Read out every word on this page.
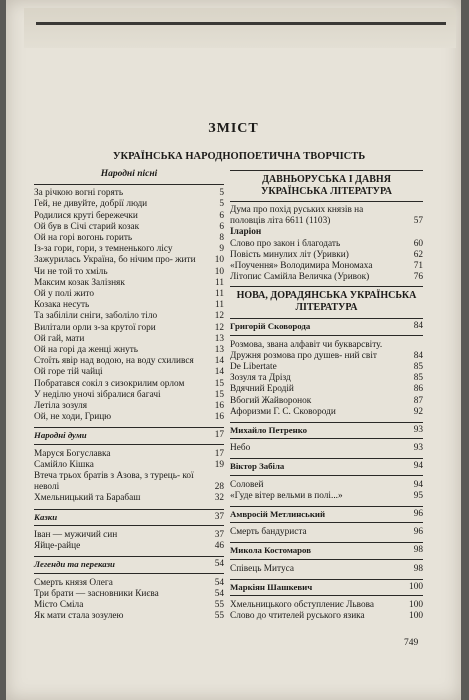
ЗМІСТ
УКРАЇНСЬКА НАРОДНОПОЕТИЧНА ТВОРЧІСТЬ
Народні пісні
За річкою вогні горять	5
Гей, не дивуйте, добрії люди	5
Родилися круті бережечки	6
Ой був в Січі старий козак	6
Ой на горі вогонь горить	8
Із-за гори, гори, з темненького лісу	9
Зажурилась Україна, бо нічим про- жити	10
Чи не той то хміль	10
Максим козак Залізняк	11
Ой у полі жито	11
Козака несуть	11
Та забіліли сніги, заболіло тіло	12
Вилітали орли з-за крутої гори	12
Ой гай, мати	13
Ой на горі да женці жнуть	13
Стоїть явір над водою, на воду схилився	14
Ой горе тій чайці	14
Побратався сокіл з сизокрилим орлом	15
У неділю уночі зібралися багачі	15
Летіла зозуля	16
Ой, не ходи, Грицю	16
Народні думи	17
Маруся Богуславка	17
Самійло Кішка	19
Втеча трьох братів з Азова, з турець- кої неволі	28
Хмельницький та Барабаш	32
Казки	37
Іван — мужичий син	37
Яйце-райце	46
Легенди та перекази	54
Смерть князя Олега	54
Три брати — засновники Києва	54
Місто Сміла	55
Як мати стала зозулею	55
ДАВНЬОРУСЬКА І ДАВНЯ УКРАЇНСЬКА ЛІТЕРАТУРА
Дума про похід руських князів на половців літа 6611 (1103)	57
Іларіон
Слово про закон і благодать	60
Повість минулих літ (Уривки)	62
«Поучення» Володимира Мономаха	71
Літопис Самійла Величка (Уривок)	76
НОВА, ДОРАДЯНСЬКА УКРАЇНСЬКА ЛІТЕРАТУРА
Григорій Сковорода	84
Розмова, звана алфавіт чи букварсвіту. Дружня розмова про душев- ний світ	84
De Libertate	85
Зозуля та Дрізд	85
Вдячний Еродій	86
Вбогий Жайворонок	87
Афоризми Г. С. Сковороди	92
Михайло Петренко	93
Небо	93
Віктор Забіла	94
Соловей	94
«Гуде вітер вельми в полі...»	95
Амвросій Метлинський	96
Смерть бандуриста	96
Микола Костомаров	98
Співець Митуса	98
Маркіян Шашкевич	100
Хмельницького обступлениє Львова	100
Слово до чтителей руського язика	100
749
